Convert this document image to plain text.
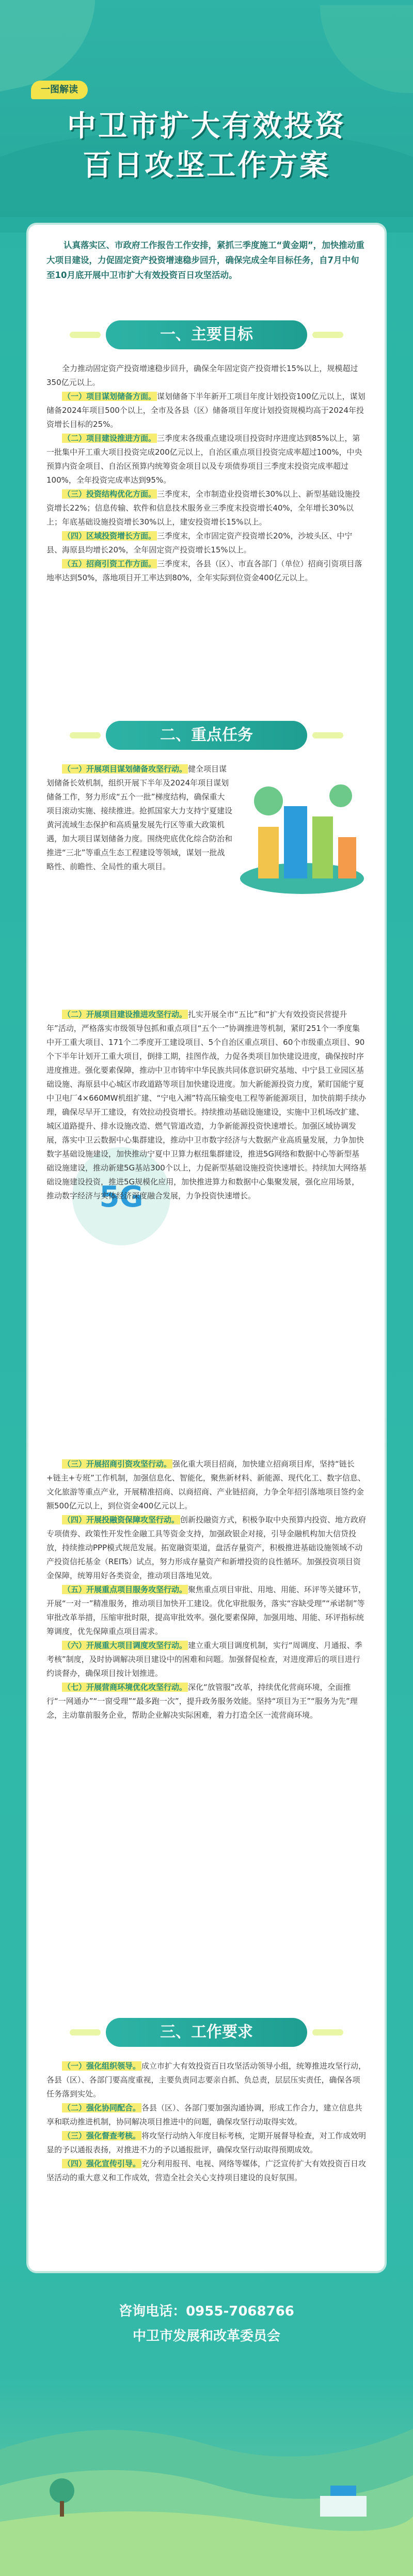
一图解读
中卫市扩大有效投资
百日攻坚工作方案
认真落实区、市政府工作报告工作安排，紧抓三季度施工“黄金期”，加快推动重大项目建设，力促固定资产投资增速稳步回升，确保完成全年目标任务，自7月中旬至10月底开展中卫市扩大有效投资百日攻坚活动。
一、主要目标

全力推动固定资产投资增速稳步回升，确保全年固定资产投资增长15%以上，规模超过350亿元以上。

（一）项目谋划储备方面。 谋划储备下半年新开工项目年度计划投资100亿元以上，谋划储备2024年项目500个以上，全市及各县（区）储备项目年度计划投资规模均高于2024年投资增长目标的25%。

（二）项目建设推进方面。 三季度末各级重点建设项目投资时序进度达到85%以上，第一批集中开工重大项目投资完成200亿元以上，自治区重点项目投资完成率超过100%，中央预算内资金项目、自治区预算内统筹资金项目以及专项债券项目三季度末投资完成率超过100%，全年投资完成率达到95%。

（三）投资结构优化方面。 三季度末，全市制造业投资增长30%以上、新型基础设施投资增长22%；信息传输、软件和信息技术服务业三季度末投资增长40%，全年增长30%以上；年底基础设施投资增长30%以上，建安投资增长15%以上。

（四）区域投资增长方面。 三季度末，全市固定资产投资增长20%，沙坡头区、中宁县、海原县均增长20%，全年固定资产投资增长15%以上。

（五）招商引资工作方面。 三季度末，各县（区）、市直各部门（单位）招商引资项目落地率达到50%，落地项目开工率达到80%，全年实际到位资金400亿元以上。

二、重点任务
5G

（一）开展项目谋划储备攻坚行动。 健全项目谋划储备长效机制，组织开展下半年及2024年项目谋划储备工作，努力形成“五个一批”梯度结构，确保重大项目滚动实施、接续推进。抢抓国家大力支持宁夏建设黄河流域生态保护和高质量发展先行区等重大政策机遇，加大项目谋划储备力度。围绕兜底优化综合防治和推进“三北”等重点生态工程建设等领域，谋划一批战略性、前瞻性、全局性的重大项目。

（二）开展项目建设推进攻坚行动。 扎实开展全市“五比”和“扩大有效投资民营提升年”活动，严格落实市级领导包抓和重点项目“五个一”协调推进等机制，紧盯251个一季度集中开工重大项目、171个二季度开工建设项目、5个自治区重点项目、60个市级重点项目、90个下半年计划开工重大项目，倒排工期，挂图作战，力促各类项目加快建设进度，确保按时序进度推进。强化要素保障，推动中卫市铸牢中华民族共同体意识研究基地、中宁县工业园区基础设施、海原县中心城区市政道路等项目加快建设进度。加大新能源投资力度，紧盯国能宁夏中卫电厂4×660MW机组扩建、“宁电入湘”特高压输变电工程等新能源项目，加快前期手续办理，确保尽早开工建设，有效拉动投资增长。持续推动基础设施建设，实施中卫机场改扩建、城区道路提升、排水设施改造、燃气管道改造，力争新能源投资快速增长。加强区域协调发展，落实中卫云数据中心集群建设，推动中卫市数字经济与大数据产业高质量发展，力争加快数字基础设施建设，加快推动宁夏中卫算力枢纽集群建设，推进5G网络和数据中心等新型基础设施建设，推动新建5G基站300个以上，力促新型基础设施投资快速增长。持续加大网络基础设施建设投资，推进5G规模化应用，加快推进算力和数据中心集聚发展，强化应用场景，推动数字经济与实体经济深度融合发展，力争投资快速增长。

（三）开展招商引资攻坚行动。 强化重大项目招商，加快建立招商项目库，坚持“链长+链主+专班”工作机制，加强信息化、智能化，聚焦新材料、新能源、现代化工、数字信息、文化旅游等重点产业，开展精准招商、以商招商、产业链招商，力争全年招引落地项目签约金额500亿元以上，到位资金400亿元以上。

（四）开展投融资保障攻坚行动。 创新投融资方式，积极争取中央预算内投资、地方政府专项债券、政策性开发性金融工具等资金支持，加强政银企对接，引导金融机构加大信贷投放，持续推动PPP模式规范发展。拓宽融资渠道，盘活存量资产，积极推进基础设施领域不动产投资信托基金（REITs）试点，努力形成存量资产和新增投资的良性循环。加强投资项目资金保障，统筹用好各类资金，推动项目落地见效。

（五）开展重点项目服务攻坚行动。 聚焦重点项目审批、用地、用能、环评等关键环节，开展“一对一”精准服务，推动项目加快开工建设。优化审批服务，落实“容缺受理”“承诺制”等审批改革举措，压缩审批时限，提高审批效率。强化要素保障，加强用地、用能、环评指标统筹调度，优先保障重点项目需求。

（六）开展重大项目调度攻坚行动。 建立重大项目调度机制，实行“周调度、月通报、季考核”制度，及时协调解决项目建设中的困难和问题。加强督促检查，对进度滞后的项目进行约谈督办，确保项目按计划推进。

（七）开展营商环境优化攻坚行动。 深化“放管服”改革，持续优化营商环境，全面推行“一网通办”“一窗受理”“最多跑一次”，提升政务服务效能。坚持“项目为王”“服务为先”理念，主动靠前服务企业，帮助企业解决实际困难，着力打造全区一流营商环境。

三、工作要求

（一）强化组织领导。 成立市扩大有效投资百日攻坚活动领导小组，统筹推进攻坚行动，各县（区）、各部门要高度重视，主要负责同志要亲自抓、负总责，层层压实责任，确保各项任务落到实处。

（二）强化协同配合。 各县（区）、各部门要加强沟通协调，形成工作合力，建立信息共享和联动推进机制，协同解决项目推进中的问题，确保攻坚行动取得实效。

（三）强化督查考核。 将攻坚行动纳入年度目标考核，定期开展督导检查，对工作成效明显的予以通报表扬，对推进不力的予以通报批评，确保攻坚行动取得预期成效。

（四）强化宣传引导。 充分利用报刊、电视、网络等媒体，广泛宣传扩大有效投资百日攻坚活动的重大意义和工作成效，营造全社会关心支持项目建设的良好氛围。

咨询电话：0955-7068766
中卫市发展和改革委员会
